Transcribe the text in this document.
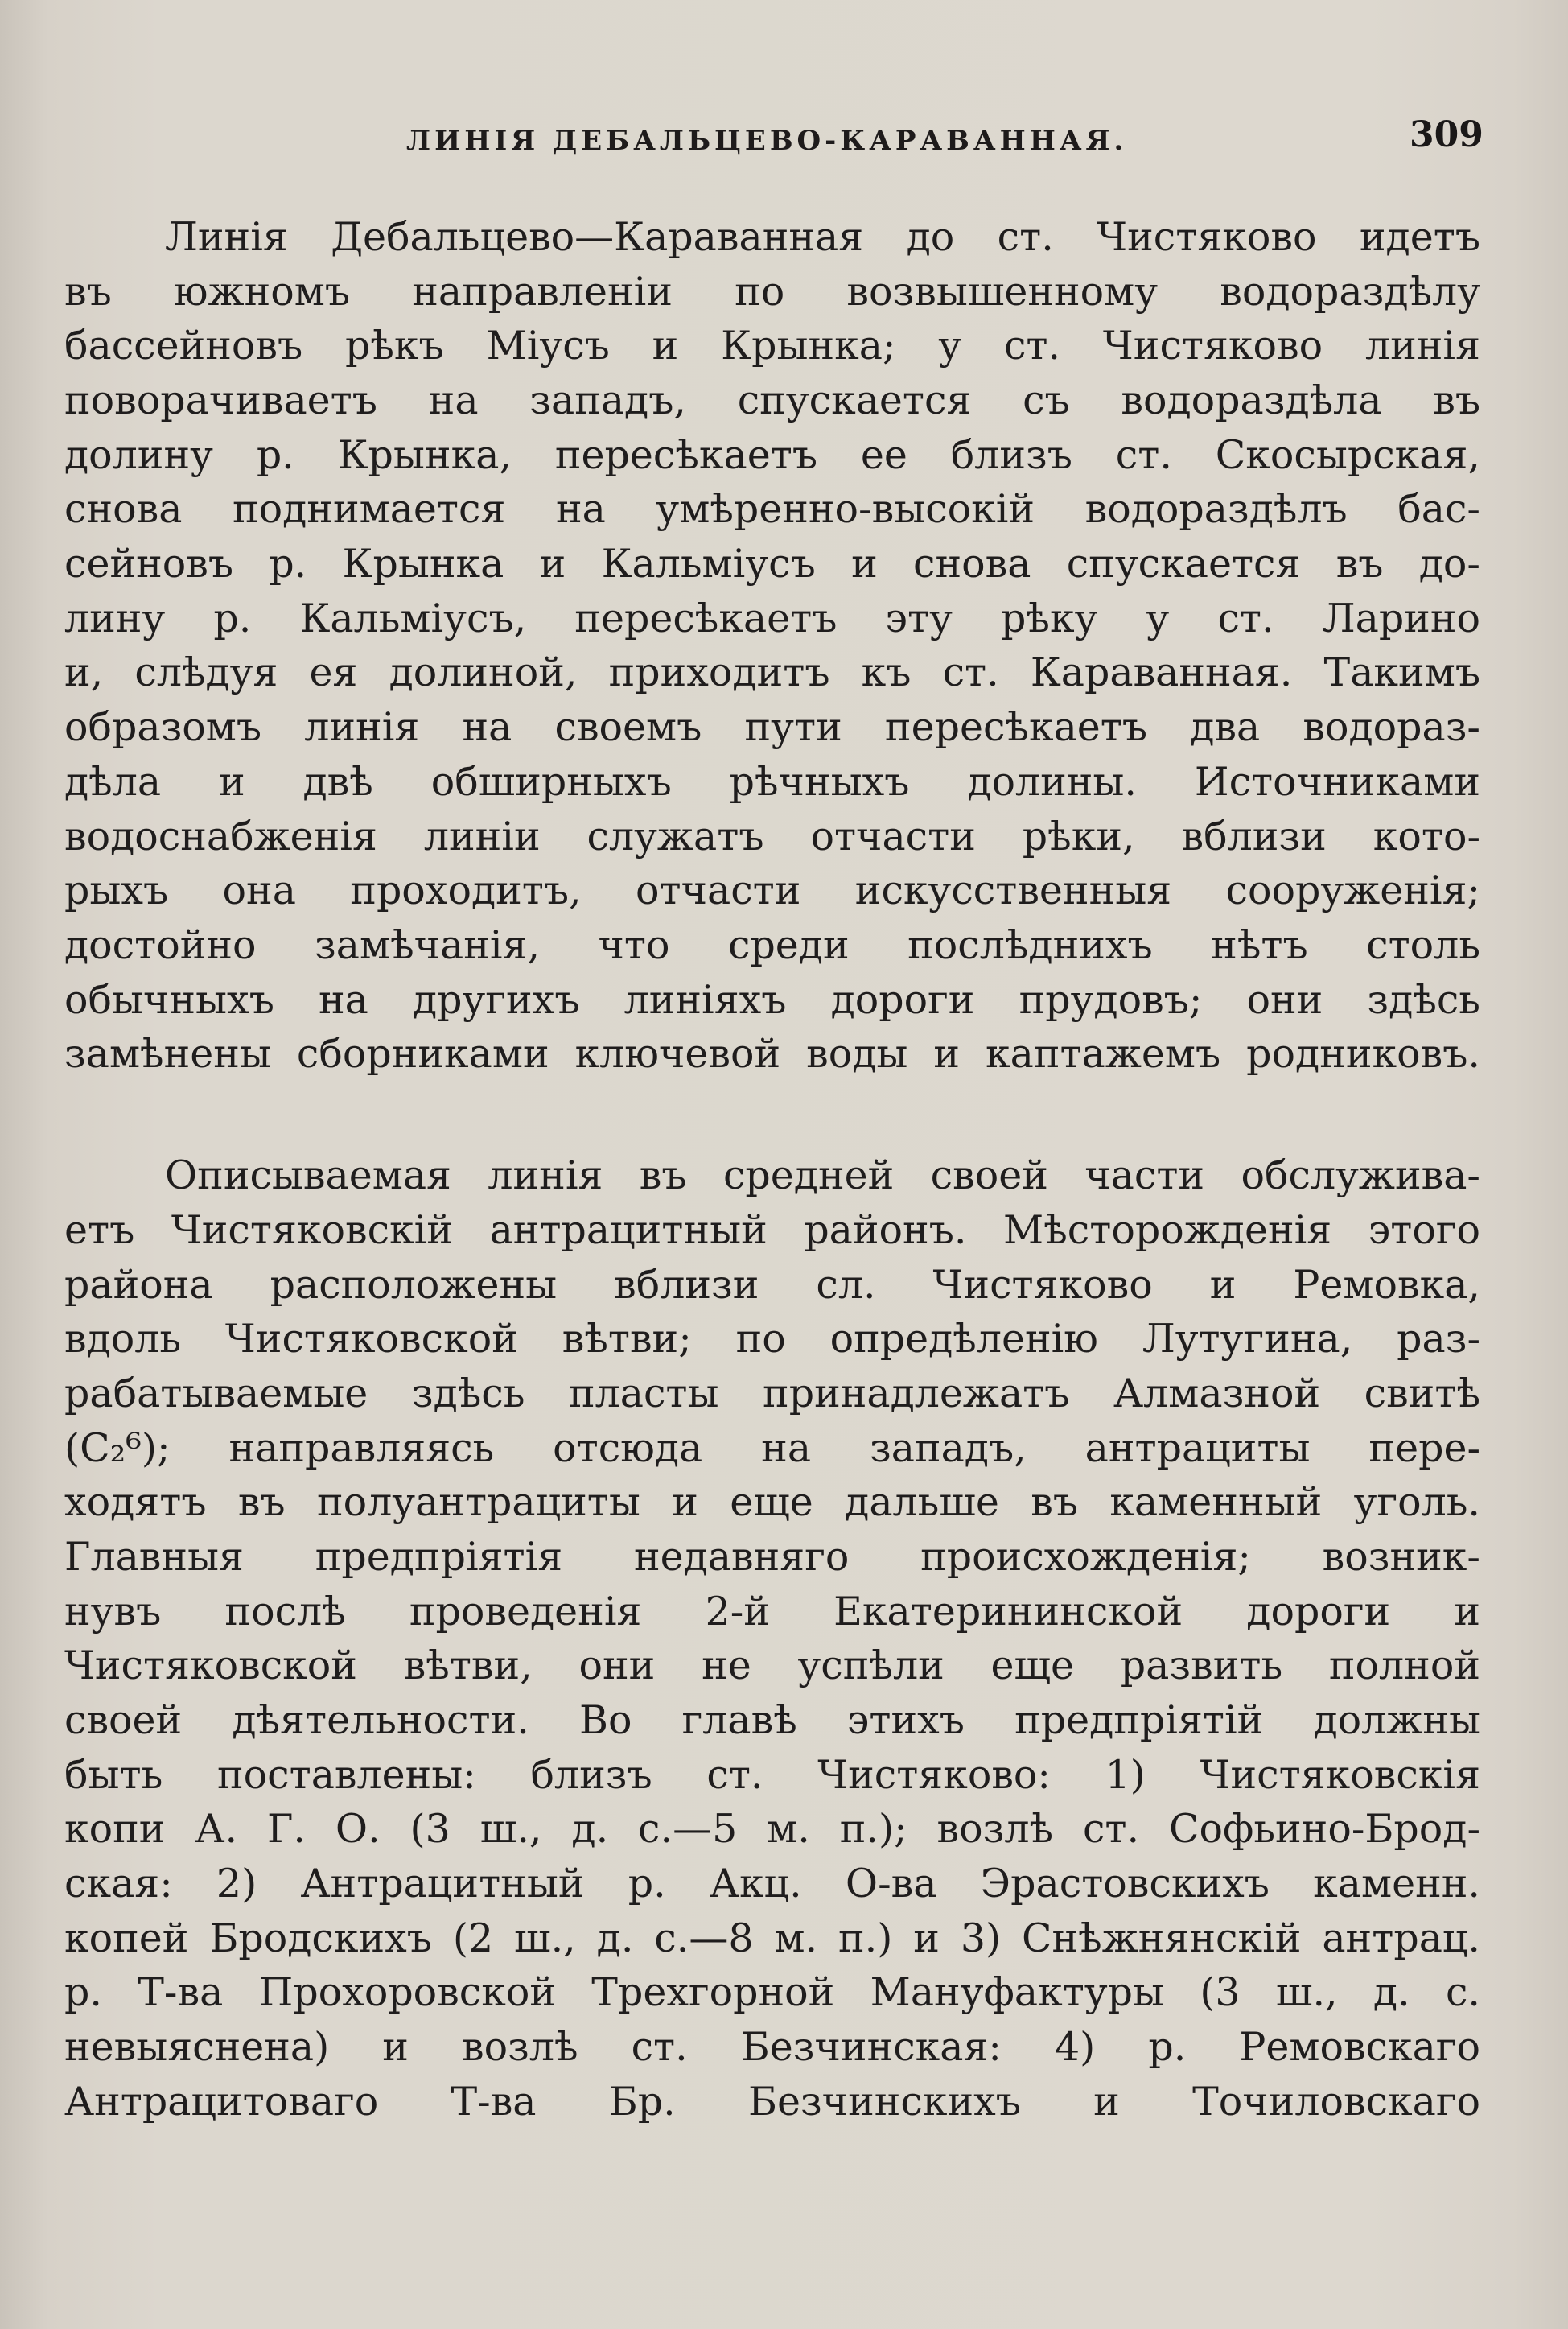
ЛИНІЯ ДЕБАЛЬЦЕВО-КАРАВАННАЯ.	309
Линія Дебальцево—Караванная до ст. Чистяково идетъ
въ южномъ направленіи по возвышенному водораздѣлу
бассейновъ рѣкъ Міусъ и Крынка; у ст. Чистяково линія
поворачиваетъ на западъ, спускается съ водораздѣла въ
долину р. Крынка, пересѣкаетъ ее близъ ст. Скосырская,
снова поднимается на умѣренно-высокій водораздѣлъ бас-
сейновъ р. Крынка и Кальміусъ и снова спускается въ до-
лину р. Кальміусъ, пересѣкаетъ эту рѣку у ст. Ларино
и, слѣдуя ея долиной, приходитъ къ ст. Караванная. Такимъ
образомъ линія на своемъ пути пересѣкаетъ два водораз-
дѣла и двѣ обширныхъ рѣчныхъ долины. Источниками
водоснабженія линіи служатъ отчасти рѣки, вблизи кото-
рыхъ она проходитъ, отчасти искусственныя сооруженія;
достойно замѣчанія, что среди послѣднихъ нѣтъ столь
обычныхъ на другихъ линіяхъ дороги прудовъ; они здѣсь
замѣнены сборниками ключевой воды и каптажемъ родниковъ.
Описываемая линія въ средней своей части обслужива-
етъ Чистяковскій антрацитный районъ. Мѣсторожденія этого
района расположены вблизи сл. Чистяково и Ремовка,
вдоль Чистяковской вѣтви; по опредѣленію Лутугина, раз-
рабатываемые здѣсь пласты принадлежатъ Алмазной свитѣ
(C₂⁶); направляясь отсюда на западъ, антрациты пере-
ходятъ въ полуантрациты и еще дальше въ каменный уголь.
Главныя предпріятія недавняго происхожденія; возник-
нувъ послѣ проведенія 2-й Екатерининской дороги и
Чистяковской вѣтви, они не успѣли еще развить полной
своей дѣятельности. Во главѣ этихъ предпріятій должны
быть поставлены: близъ ст. Чистяково: 1) Чистяковскія
копи А. Г. О. (3 ш., д. с.—5 м. п.); возлѣ ст. Софьино-Брод-
ская: 2) Антрацитный р. Акц. О-ва Эрастовскихъ каменн.
копей Бродскихъ (2 ш., д. с.—8 м. п.) и 3) Снѣжнянскій антрац.
р. Т-ва Прохоровской Трехгорной Мануфактуры (3 ш., д. с.
невыяснена) и возлѣ ст. Безчинская: 4) р. Ремовскаго
Антрацитоваго Т-ва Бр. Безчинскихъ и Точиловскаго
